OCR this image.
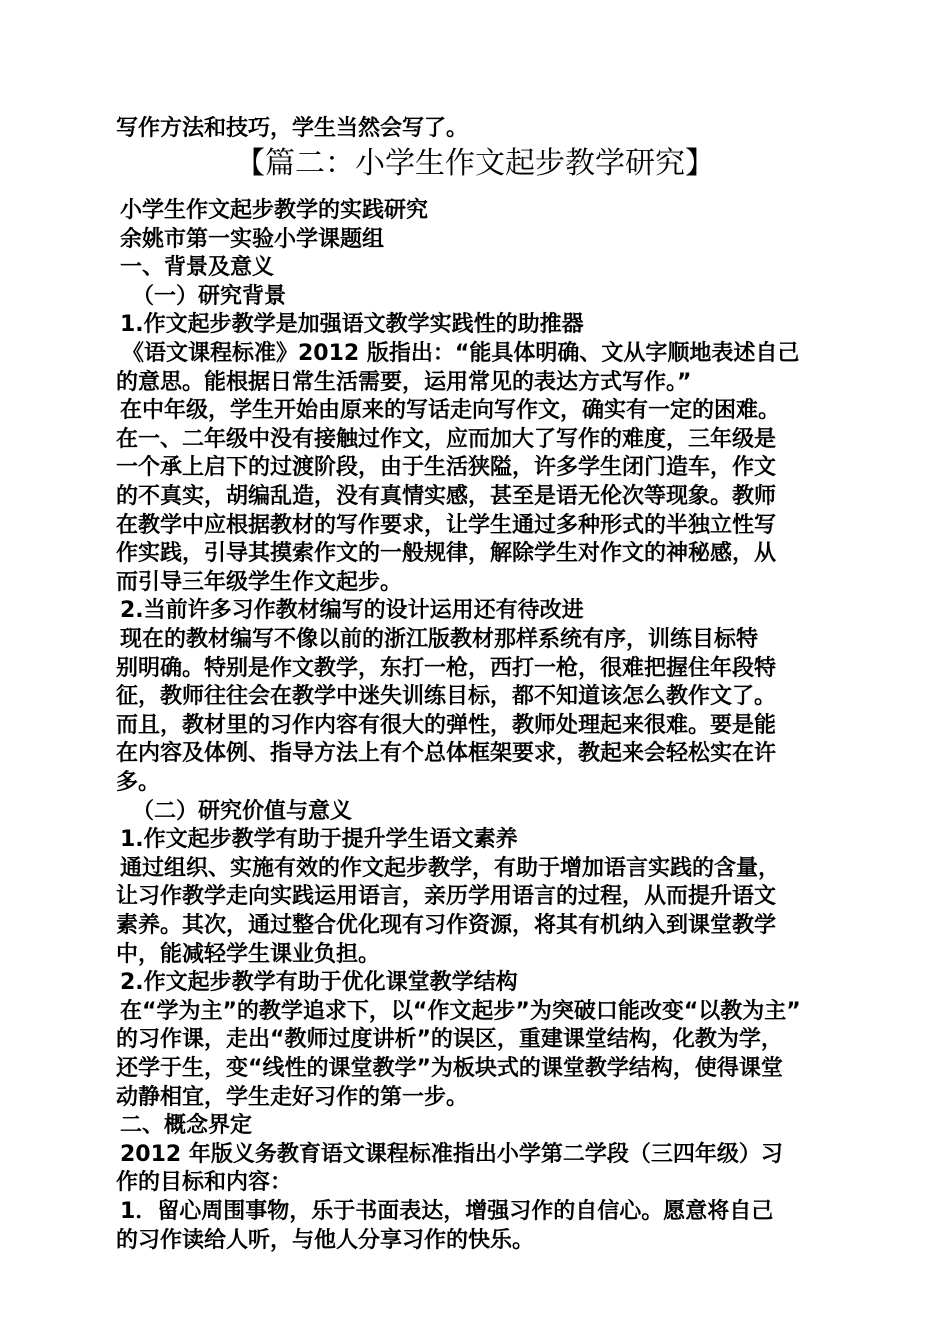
写作方法和技巧，学生当然会写了。
【篇二：小学生作文起步教学研究】
小学生作文起步教学的实践研究
余姚市第一实验小学课题组
一、背景及意义
（一）研究背景
1.作文起步教学是加强语文教学实践性的助推器
《语文课程标准》2012 版指出：“能具体明确、文从字顺地表述自己
的意思。能根据日常生活需要，运用常见的表达方式写作。”
在中年级，学生开始由原来的写话走向写作文，确实有一定的困难。
在一、二年级中没有接触过作文，应而加大了写作的难度，三年级是
一个承上启下的过渡阶段，由于生活狭隘，许多学生闭门造车，作文
的不真实，胡编乱造，没有真情实感，甚至是语无伦次等现象。教师
在教学中应根据教材的写作要求，让学生通过多种形式的半独立性写
作实践，引导其摸索作文的一般规律，解除学生对作文的神秘感，从
而引导三年级学生作文起步。
2.当前许多习作教材编写的设计运用还有待改进
现在的教材编写不像以前的浙江版教材那样系统有序，训练目标特
别明确。特别是作文教学，东打一枪，西打一枪，很难把握住年段特
征，教师往往会在教学中迷失训练目标，都不知道该怎么教作文了。
而且，教材里的习作内容有很大的弹性，教师处理起来很难。要是能
在内容及体例、指导方法上有个总体框架要求，教起来会轻松实在许
多。
（二）研究价值与意义
1.作文起步教学有助于提升学生语文素养
通过组织、实施有效的作文起步教学，有助于增加语言实践的含量，
让习作教学走向实践运用语言，亲历学用语言的过程，从而提升语文
素养。其次，通过整合优化现有习作资源，将其有机纳入到课堂教学
中，能减轻学生课业负担。
2.作文起步教学有助于优化课堂教学结构
在“学为主”的教学追求下，以“作文起步”为突破口能改变“以教为主”
的习作课，走出“教师过度讲析”的误区，重建课堂结构，化教为学，
还学于生，变“线性的课堂教学”为板块式的课堂教学结构，使得课堂
动静相宜，学生走好习作的第一步。
二、概念界定
2012 年版义务教育语文课程标准指出小学第二学段（三四年级）习
作的目标和内容：
1．留心周围事物，乐于书面表达，增强习作的自信心。愿意将自己
的习作读给人听，与他人分享习作的快乐。
